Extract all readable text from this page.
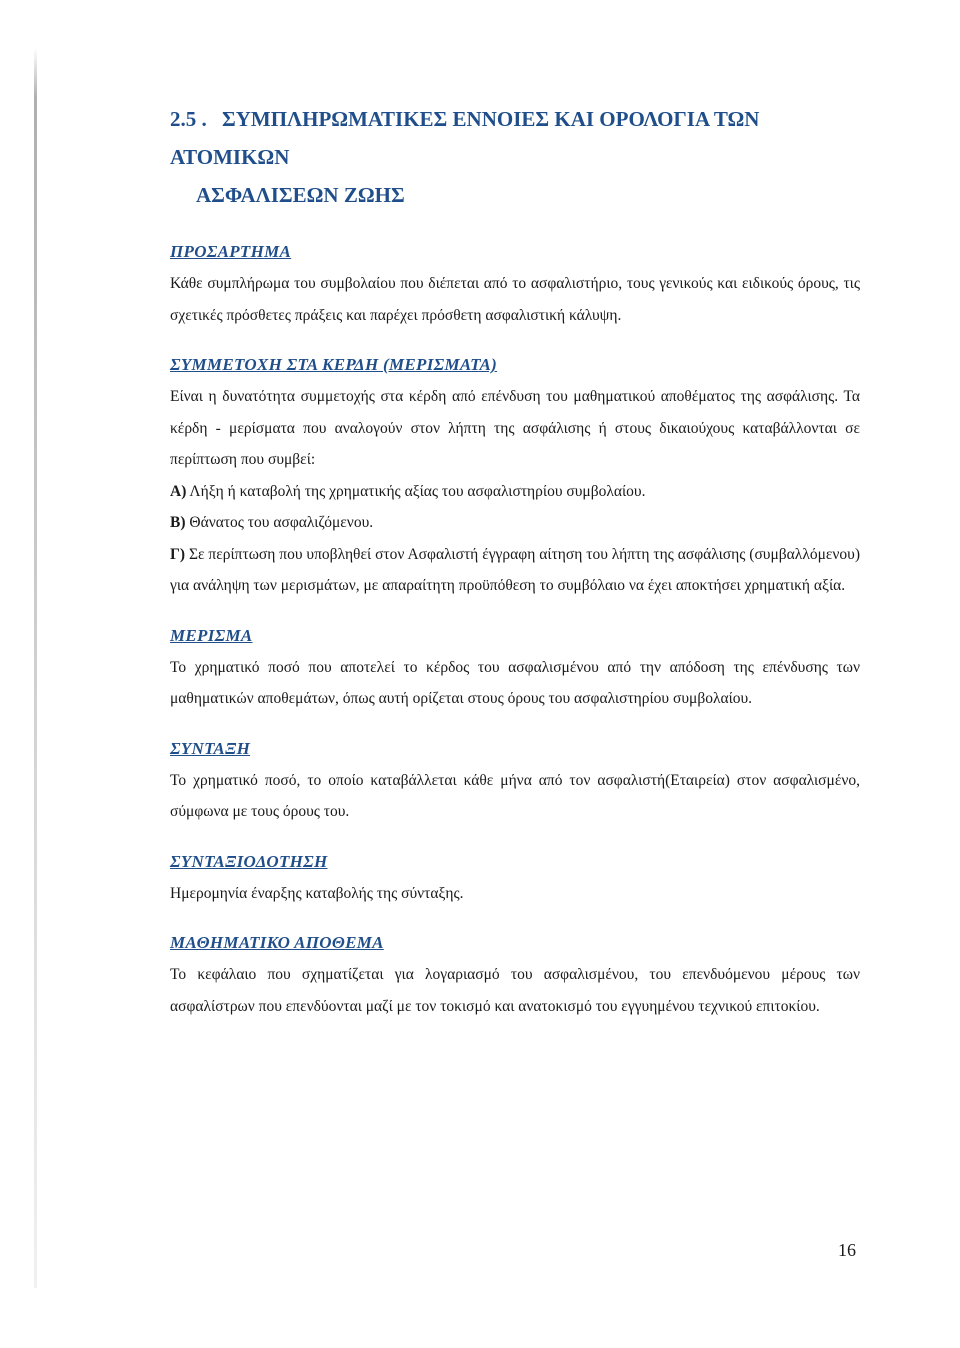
2.5 . ΣΥΜΠΛΗΡΩΜΑΤΙΚΕΣ ΕΝΝΟΙΕΣ ΚΑΙ ΟΡΟΛΟΓΙΑ ΤΩΝ ΑΤΟΜΙΚΩΝ
ΑΣΦΑΛΙΣΕΩΝ ΖΩΗΣ
ΠΡΟΣΑΡΤΗΜΑ

Κάθε συμπλήρωμα του συμβολαίου που διέπεται από το ασφαλιστήριο, τους γενικούς και ειδικούς όρους, τις σχετικές πρόσθετες πράξεις και παρέχει πρόσθετη ασφαλιστική κάλυψη.

ΣΥΜΜΕΤΟΧΗ ΣΤΑ ΚΕΡΔΗ (ΜΕΡΙΣΜΑΤΑ)

Είναι η δυνατότητα συμμετοχής στα κέρδη από επένδυση του μαθηματικού αποθέματος της ασφάλισης. Τα κέρδη - μερίσματα που αναλογούν στον λήπτη της ασφάλισης ή στους δικαιούχους καταβάλλονται σε περίπτωση που συμβεί:

Α) Λήξη ή καταβολή της χρηματικής αξίας του ασφαλιστηρίου συμβολαίου.

Β) Θάνατος του ασφαλιζόμενου.

Γ) Σε περίπτωση που υποβληθεί στον Ασφαλιστή έγγραφη αίτηση του λήπτη της ασφάλισης (συμβαλλόμενου) για ανάληψη των μερισμάτων, με απαραίτητη προϋπόθεση το συμβόλαιο να έχει αποκτήσει χρηματική αξία.

ΜΕΡΙΣΜΑ

Το χρηματικό ποσό που αποτελεί το κέρδος του ασφαλισμένου από την απόδοση της επένδυσης των μαθηματικών αποθεμάτων, όπως αυτή ορίζεται στους όρους του ασφαλιστηρίου συμβολαίου.

ΣΥΝΤΑΞΗ

Το χρηματικό ποσό, το οποίο καταβάλλεται κάθε μήνα από τον ασφαλιστή(Εταιρεία) στον ασφαλισμένο, σύμφωνα με τους όρους του.

ΣΥΝΤΑΞΙΟΔΟΤΗΣΗ

Ημερομηνία έναρξης καταβολής της σύνταξης.

ΜΑΘΗΜΑΤΙΚΟ ΑΠΟΘΕΜΑ

Το κεφάλαιο που σχηματίζεται για λογαριασμό του ασφαλισμένου, του επενδυόμενου μέρους των ασφαλίστρων που επενδύονται μαζί με τον τοκισμό και ανατοκισμό του εγγυημένου τεχνικού επιτοκίου.

16
